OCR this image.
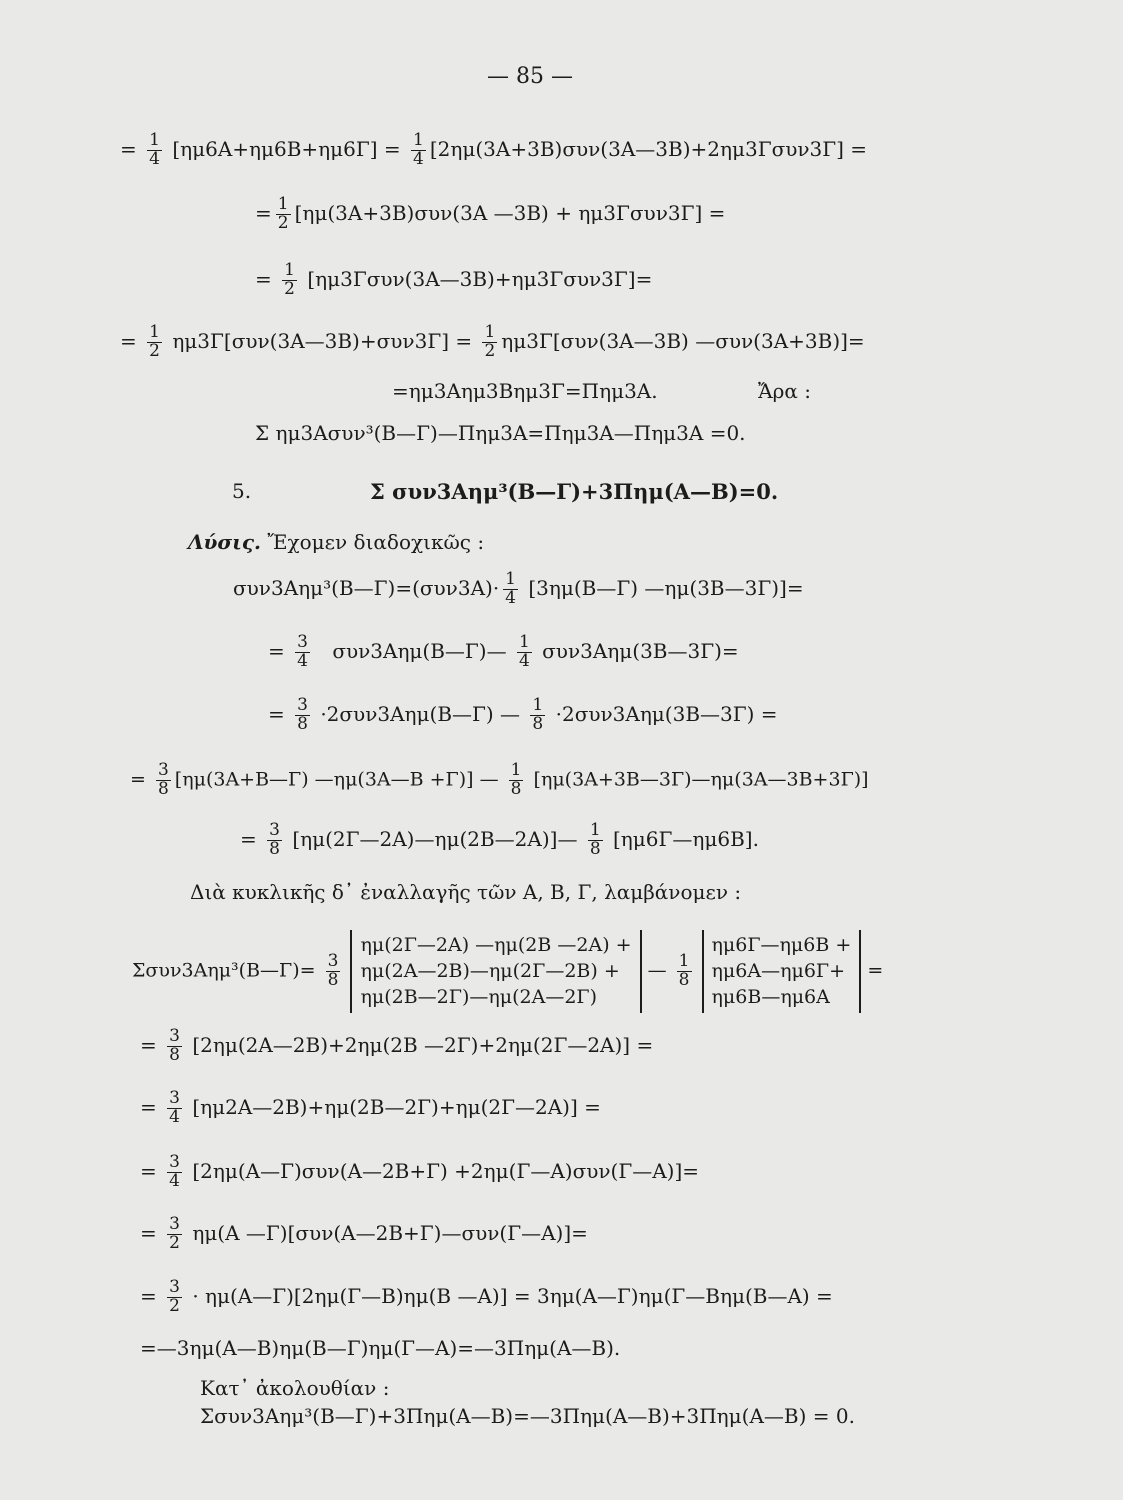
— 85 —
= $\frac{1}{4} [\eta\mu 6A+\eta\mu 6B+\eta\mu 6\Gamma] = \frac{1}{4}$ [2ημ(3Α+3Β)συν(3Α—3Β)+2ημ3Γσυν3Γ] =
= $\frac{1}{2} [\eta\mu(3A+3B)\sigma\upsilon\nu(3A$ —3Β) + ημ3Γσυν3Γ] =
= $\frac{1}{2}$ [ημ3Γσυν(3Α—3Β)+ημ3Γσυν3Γ]=
= $\frac{1}{2}$ ημ3Γ[συν(3Α—3Β)+συν3Γ] = $\frac{1}{2}$ ημ3Γ[συν(3Α—3Β) —συν(3Α+3Β)]=
=ημ3Αημ3Βημ3Γ=Πημ3Α.	Ἄρα :
Σ ημ3Ασυν³(Β—Γ)—Πημ3Α=Πημ3Α—Πημ3Α =0.
5.	Σ συν3Αημ³(Β—Γ)+3Πημ(Α—Β)=0.
Λύσις. Ἔχομεν διαδοχικῶς :
συν3Αημ³(Β—Γ)=(συν3Α)· $\frac{1}{4}$ [3ημ(Β—Γ) —ημ(3Β—3Γ)]=
= $\frac{3}{4}$ συν3Αημ(Β—Γ)— $\frac{1}{4}$ συν3Αημ(3Β—3Γ)=
= $\frac{3}{8}$ ·2συν3Αημ(Β—Γ) — $\frac{1}{8}$ ·2συν3Αημ(3Β—3Γ) =
= $\frac{3}{8}$ [ημ(3Α+Β—Γ) —ημ(3Α—Β +Γ)] — $\frac{1}{8}$ [ημ(3Α+3Β—3Γ)—ημ(3Α—3Β+3Γ)]
= $\frac{3}{8}$ [ημ(2Γ—2Α)—ημ(2Β—2Α)]— $\frac{1}{8}$ [ημ6Γ—ημ6Β].
Διὰ κυκλικῆς δ᾽ ἐναλλαγῆς τῶν Α, Β, Γ, λαμβάνομεν :
Σσυν3Αημ³(Β—Γ)= $\frac{3}{8}$

ημ(2Γ—2Α) —ημ(2Β —2Α) +
ημ(2Α—2Β)—ημ(2Γ—2Β) +
ημ(2Β—2Γ)—ημ(2Α—2Γ)
— $\frac{1}{8}$

ημ6Γ—ημ6Β +
ημ6Α—ημ6Γ+
ημ6Β—ημ6Α
=
= $\frac{3}{8}$ [2ημ(2Α—2Β)+2ημ(2Β —2Γ)+2ημ(2Γ—2Α)] =
= $\frac{3}{4}$ [ημ2Α—2Β)+ημ(2Β—2Γ)+ημ(2Γ—2Α)] =
= $\frac{3}{4}$ [2ημ(Α—Γ)συν(Α—2Β+Γ) +2ημ(Γ—Α)συν(Γ—Α)]=
= $\frac{3}{2} \eta\mu(A$ —Γ)[συν(Α—2Β+Γ)—συν(Γ—Α)]=
= $\frac{3}{2}$ · ημ(Α—Γ)[2ημ(Γ—Β)ημ(Β —Α)] = 3ημ(Α—Γ)ημ(Γ—Βημ(Β—Α) =
=—3ημ(Α—Β)ημ(Β—Γ)ημ(Γ—Α)=—3Πημ(Α—Β).
Κατ᾽ ἀκολουθίαν :
Σσυν3Αημ³(Β—Γ)+3Πημ(Α—Β)=—3Πημ(Α—Β)+3Πημ(Α—Β) = 0.
